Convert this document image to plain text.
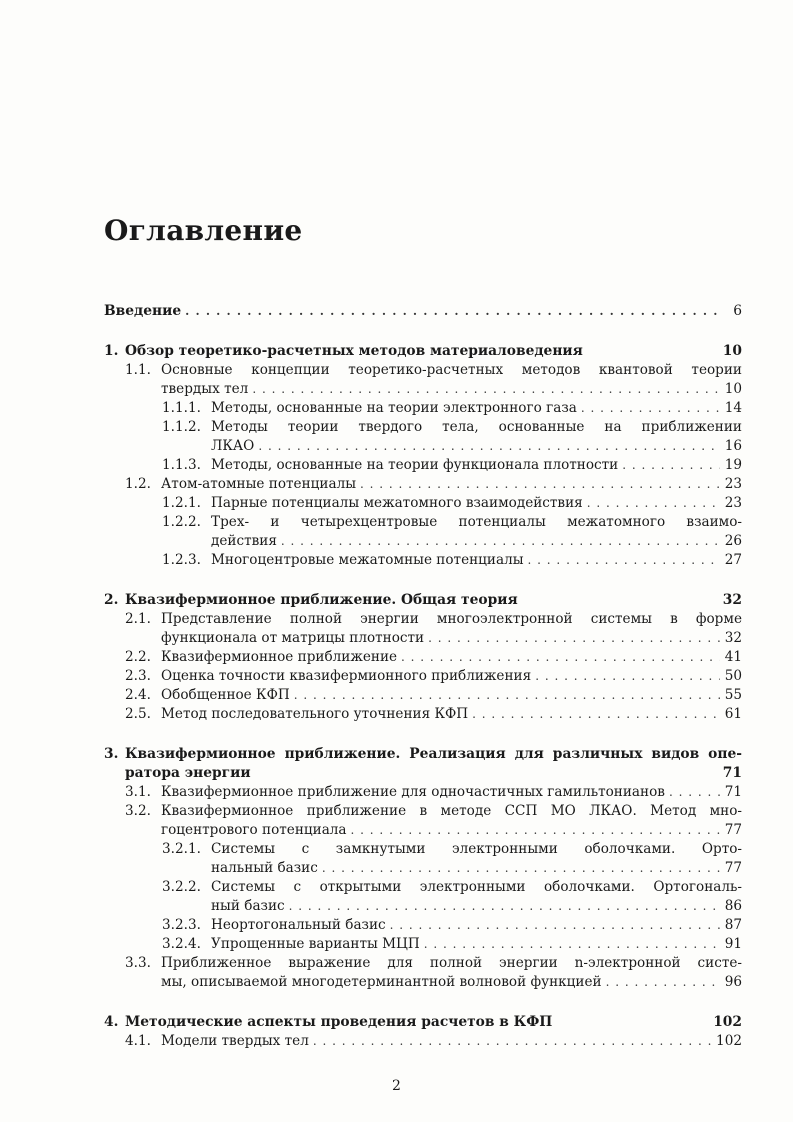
Оглавление
Введение . . .	6
1. Обзор теоретико-расчетных методов материаловедения	10
1.1. Основные концепции теоретико-расчетных методов квантовой теории
твердых тел . . .	10
1.1.1. Методы, основанные на теории электронного газа . . .	14
1.1.2. Методы теории твердого тела, основанные на приближении
ЛКАО . . .	16
1.1.3. Методы, основанные на теории функционала плотности . . .	19
1.2. Атом-атомные потенциалы . . .	23
1.2.1. Парные потенциалы межатомного взаимодействия . . .	23
1.2.2. Трех- и четырехцентровые потенциалы межатомного взаимо-
действия . . .	26
1.2.3. Многоцентровые межатомные потенциалы . . .	27
2. Квазифермионное приближение. Общая теория	32
2.1. Представление полной энергии многоэлектронной системы в форме
функционала от матрицы плотности . . .	32
2.2. Квазифермионное приближение . . .	41
2.3. Оценка точности квазифермионного приближения . . .	50
2.4. Обобщенное КФП . . .	55
2.5. Метод последовательного уточнения КФП . . .	61
3. Квазифермионное приближение. Реализация для различных видов опе-
ратора энергии	71
3.1. Квазифермионное приближение для одночастичных гамильтонианов . . .	71
3.2. Квазифермионное приближение в методе ССП МО ЛКАО. Метод мно-
гоцентрового потенциала . . .	77
3.2.1. Системы с замкнутыми электронными оболочками. Орто-
нальный базис . . .	77
3.2.2. Системы с открытыми электронными оболочками. Ортогональ-
ный базис . . .	86
3.2.3. Неортогональный базис . . .	87
3.2.4. Упрощенные варианты МЦП . . .	91
3.3. Приближенное выражение для полной энергии n-электронной систе-
мы, описываемой многодетерминантной волновой функцией . . .	96
4. Методические аспекты проведения расчетов в КФП	102
4.1. Модели твердых тел . . .	102
2
